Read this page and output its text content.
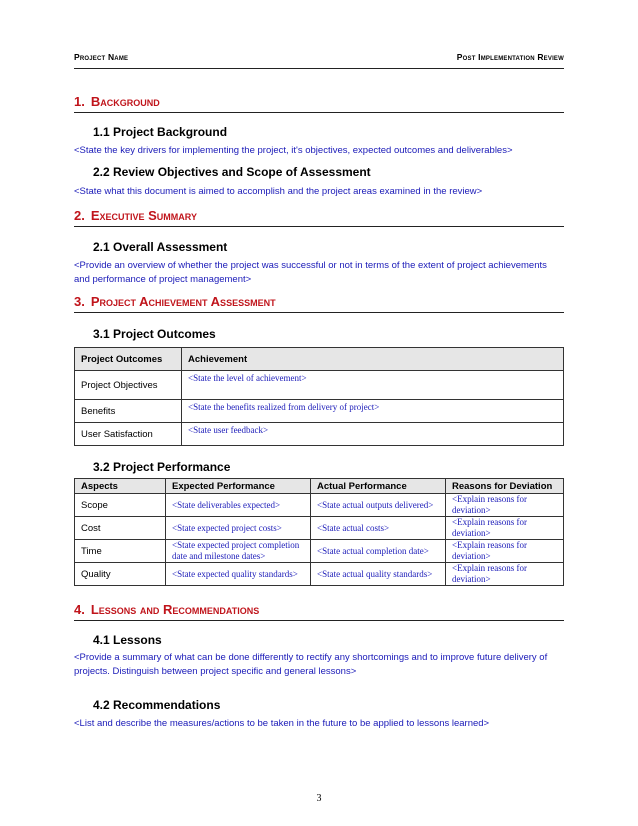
Project Name	Post Implementation Review
1. Background
1.1 Project Background
<State the key drivers for implementing the project, it's objectives, expected outcomes and deliverables>
2.2 Review Objectives and Scope of Assessment
<State what this document is aimed to accomplish and the project areas examined in the review>
2. Executive Summary
2.1 Overall Assessment
<Provide an overview of whether the project was successful or not in terms of the extent of project achievements and performance of project management>
3. Project Achievement Assessment
3.1 Project Outcomes
Project Outcomes	Achievement
Project Objectives	<State the level of achievement>
Benefits	<State the benefits realized from delivery of project>
User Satisfaction	<State user feedback>
3.2 Project Performance
Aspects	Expected Performance	Actual Performance	Reasons for Deviation
Scope	<State deliverables expected>	<State actual outputs delivered>	<Explain reasons for deviation>
Cost	<State expected project costs>	<State actual costs>	<Explain reasons for deviation>
Time	<State expected project completion date and milestone dates>	<State actual completion date>	<Explain reasons for deviation>
Quality	<State expected quality standards>	<State actual quality standards>	<Explain reasons for deviation>
4. Lessons and Recommendations
4.1 Lessons
<Provide a summary of what can be done differently to rectify any shortcomings and to improve future delivery of projects. Distinguish between project specific and general lessons>
4.2 Recommendations
<List and describe the measures/actions to be taken in the future to be applied to lessons learned>
3
